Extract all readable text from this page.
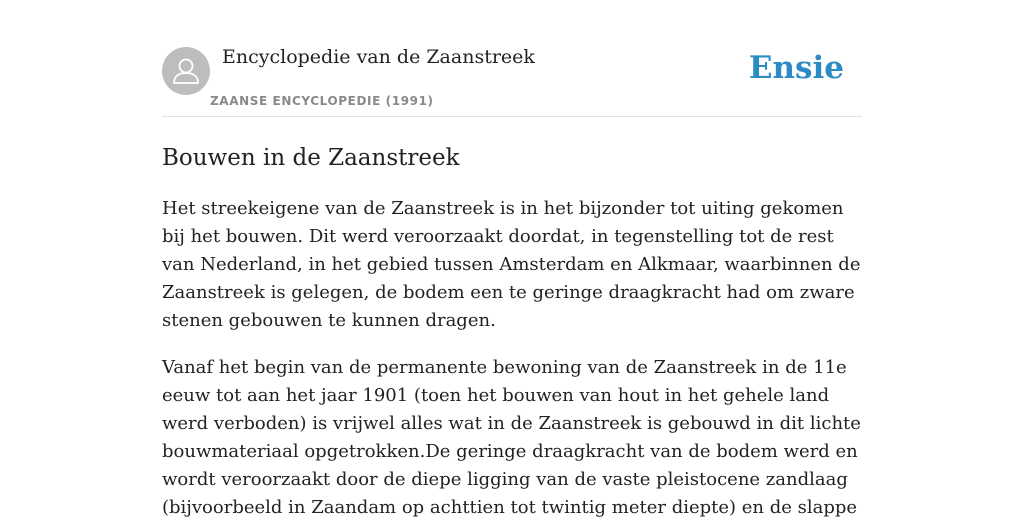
Encyclopedie van de Zaanstreek
ZAANSE ENCYCLOPEDIE (1991)
Ensie
Bouwen in de Zaanstreek

Het streekeigene van de Zaanstreek is in het bijzonder tot uiting gekomen bij het bouwen. Dit werd veroorzaakt doordat, in tegenstelling tot de rest van Nederland, in het gebied tussen Amsterdam en Alkmaar, waarbinnen de Zaanstreek is gelegen, de bodem een te geringe draagkracht had om zware stenen gebouwen te kunnen dragen.

Vanaf het begin van de permanente bewoning van de Zaanstreek in de 11e eeuw tot aan het jaar 1901 (toen het bouwen van hout in het gehele land werd verboden) is vrijwel alles wat in de Zaanstreek is gebouwd in dit lichte bouwmateriaal opgetrokken.De geringe draagkracht van de bodem werd en wordt veroorzaakt door de diepe ligging van de vaste pleistocene zandlaag (bijvoorbeeld in Zaandam op achttien tot twintig meter diepte) en de slappe
